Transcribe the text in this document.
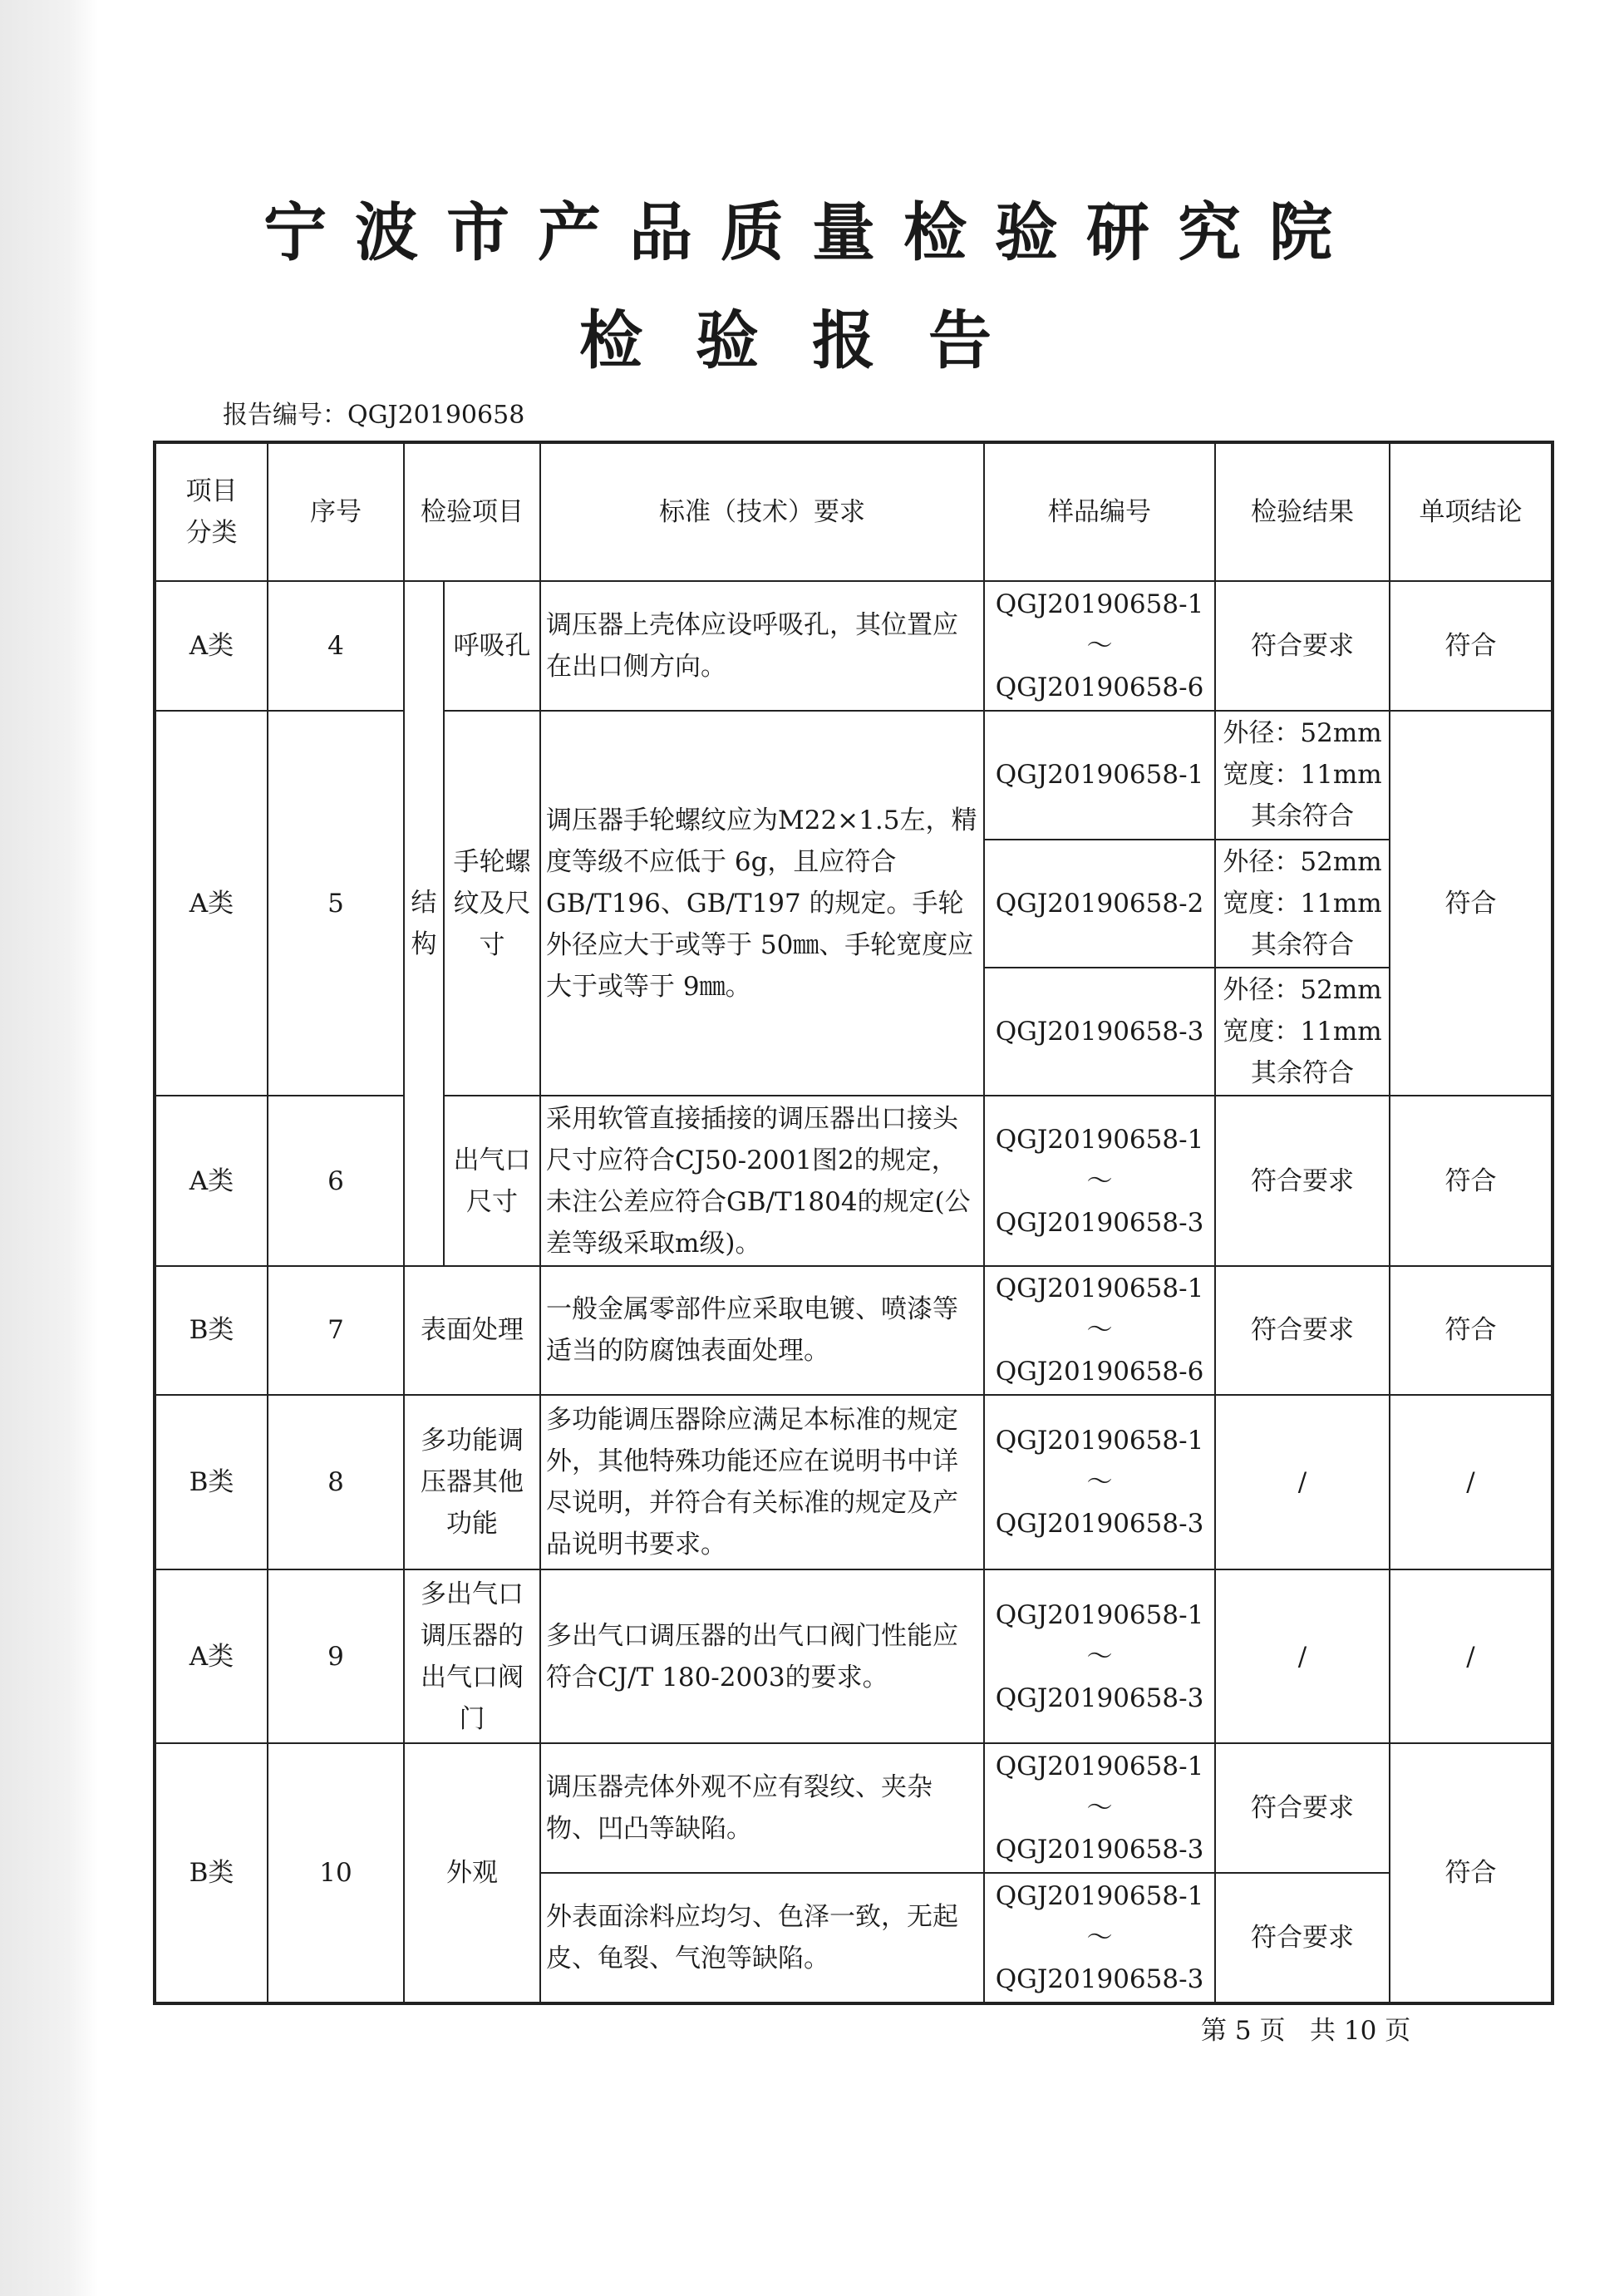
宁波市产品质量检验研究院
检验报告
报告编号：QGJ20190658
项目分类	序号	检验项目		标准（技术）要求	样品编号	检验结果	单项结论
A类	4	结构	呼吸孔	调压器上壳体应设呼吸孔，其位置应在出口侧方向。	QGJ20190658-1
～
QGJ20190658-6	符合要求	符合
A类	5		手轮螺纹及尺寸	调压器手轮螺纹应为M22×1.5左，精度等级不应低于 6g，且应符合GB/T196、GB/T197 的规定。手轮外径应大于或等于 50㎜、手轮宽度应大于或等于 9㎜。	QGJ20190658-1	外径：52mm
宽度：11mm
其余符合	符合
					QGJ20190658-2	外径：52mm
宽度：11mm
其余符合	

					QGJ20190658-3	外径：52mm
宽度：11mm
其余符合	

A类	6		出气口尺寸	采用软管直接插接的调压器出口接头尺寸应符合CJ50-2001图2的规定，未注公差应符合GB/T1804的规定(公差等级采取m级)。	QGJ20190658-1
～
QGJ20190658-3	符合要求	符合
B类	7	表面处理		一般金属零部件应采取电镀、喷漆等适当的防腐蚀表面处理。	QGJ20190658-1
～
QGJ20190658-6	符合要求	符合
B类	8	多功能调压器其他功能		多功能调压器除应满足本标准的规定外，其他特殊功能还应在说明书中详尽说明，并符合有关标准的规定及产品说明书要求。	QGJ20190658-1
～
QGJ20190658-3	/	/
A类	9	多出气口调压器的出气口阀门		多出气口调压器的出气口阀门性能应符合CJ/T 180-2003的要求。	QGJ20190658-1
～
QGJ20190658-3	/	/
B类	10	外观		调压器壳体外观不应有裂纹、夹杂物、凹凸等缺陷。	QGJ20190658-1
～
QGJ20190658-3	符合要求	符合
				外表面涂料应均匀、色泽一致，无起皮、龟裂、气泡等缺陷。	QGJ20190658-1
～
QGJ20190658-3	符合要求	
第 5 页 共 10 页
